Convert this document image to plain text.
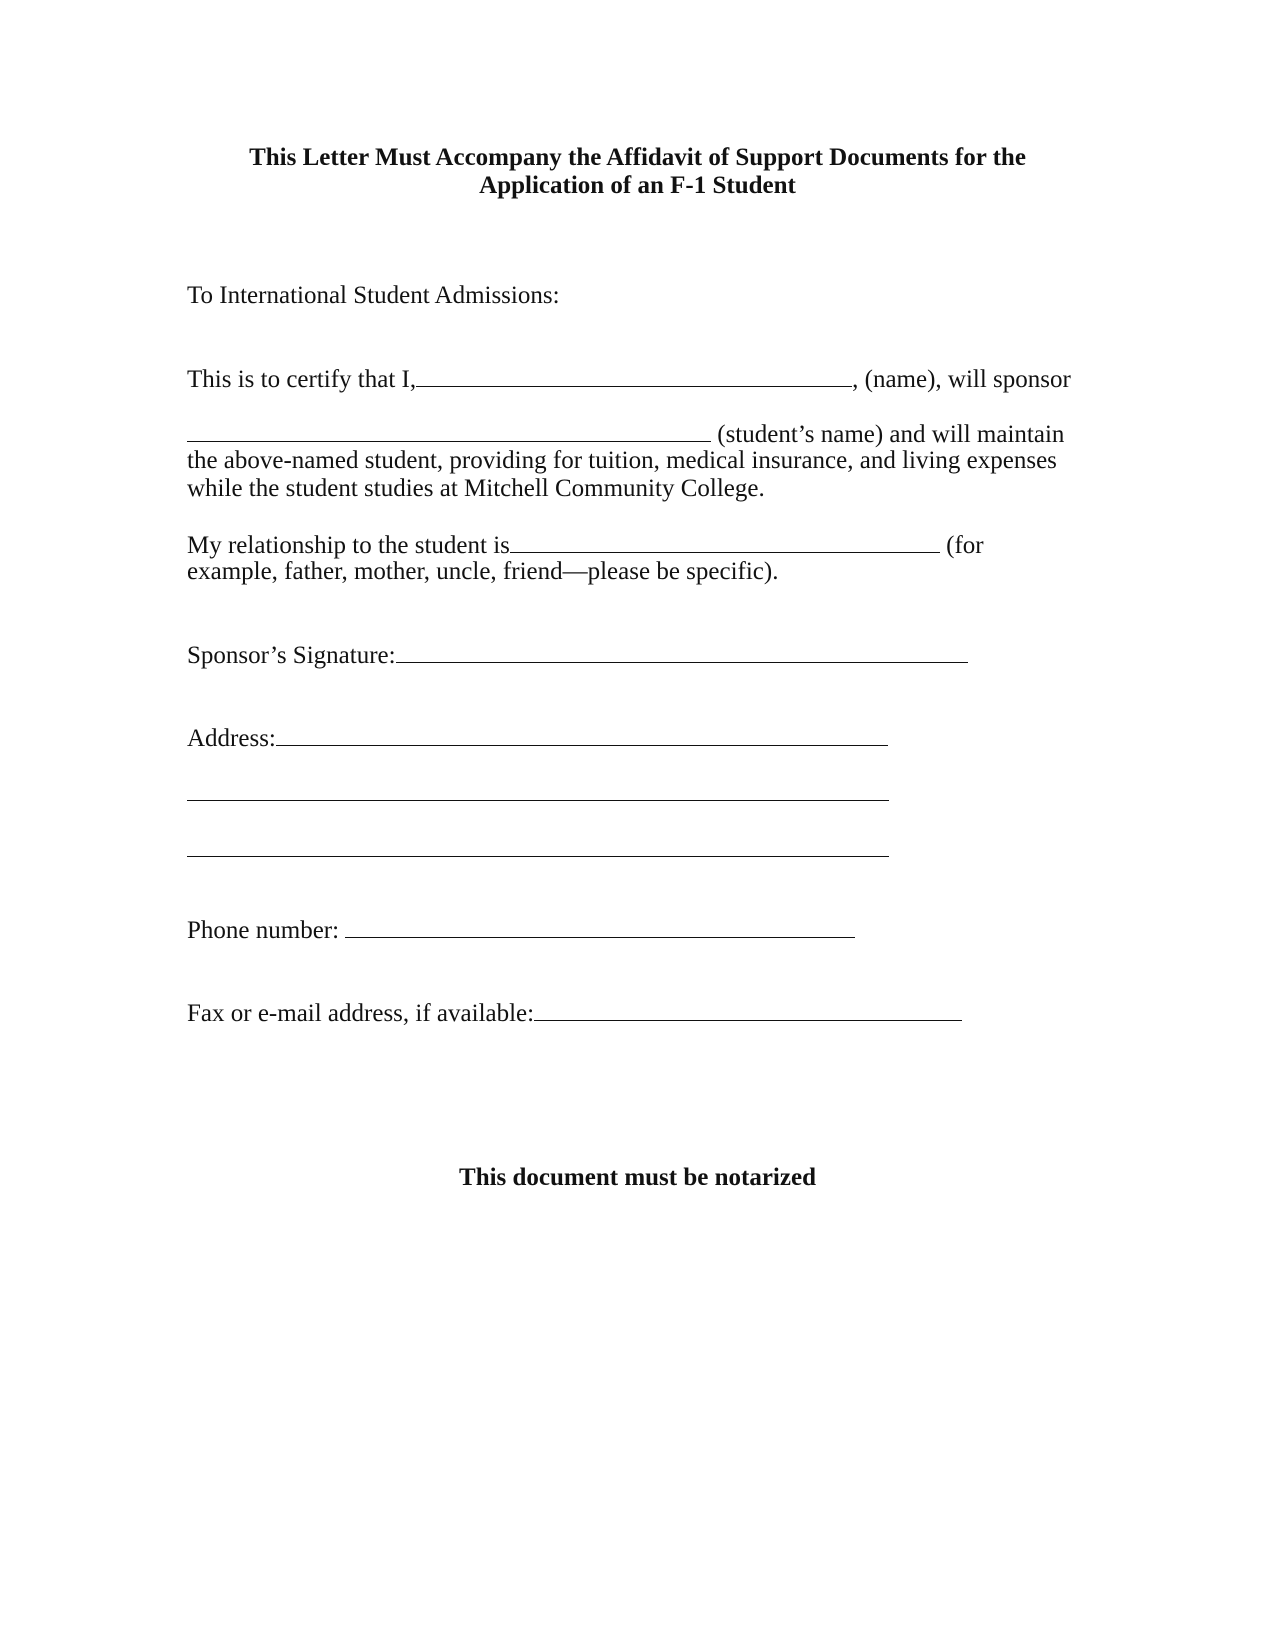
This Letter Must Accompany the Affidavit of Support Documents for the
Application of an F-1 Student
To International Student Admissions:
This is to certify that I,	, (name), will sponsor
(student’s name) and will maintain
the above-named student, providing for tuition, medical insurance, and living expenses
while the student studies at Mitchell Community College.
My relationship to the student is	(for
example, father, mother, uncle, friend—please be specific).
Sponsor’s Signature:
Address:
Phone number:
Fax or e-mail address, if available:
This document must be notarized
